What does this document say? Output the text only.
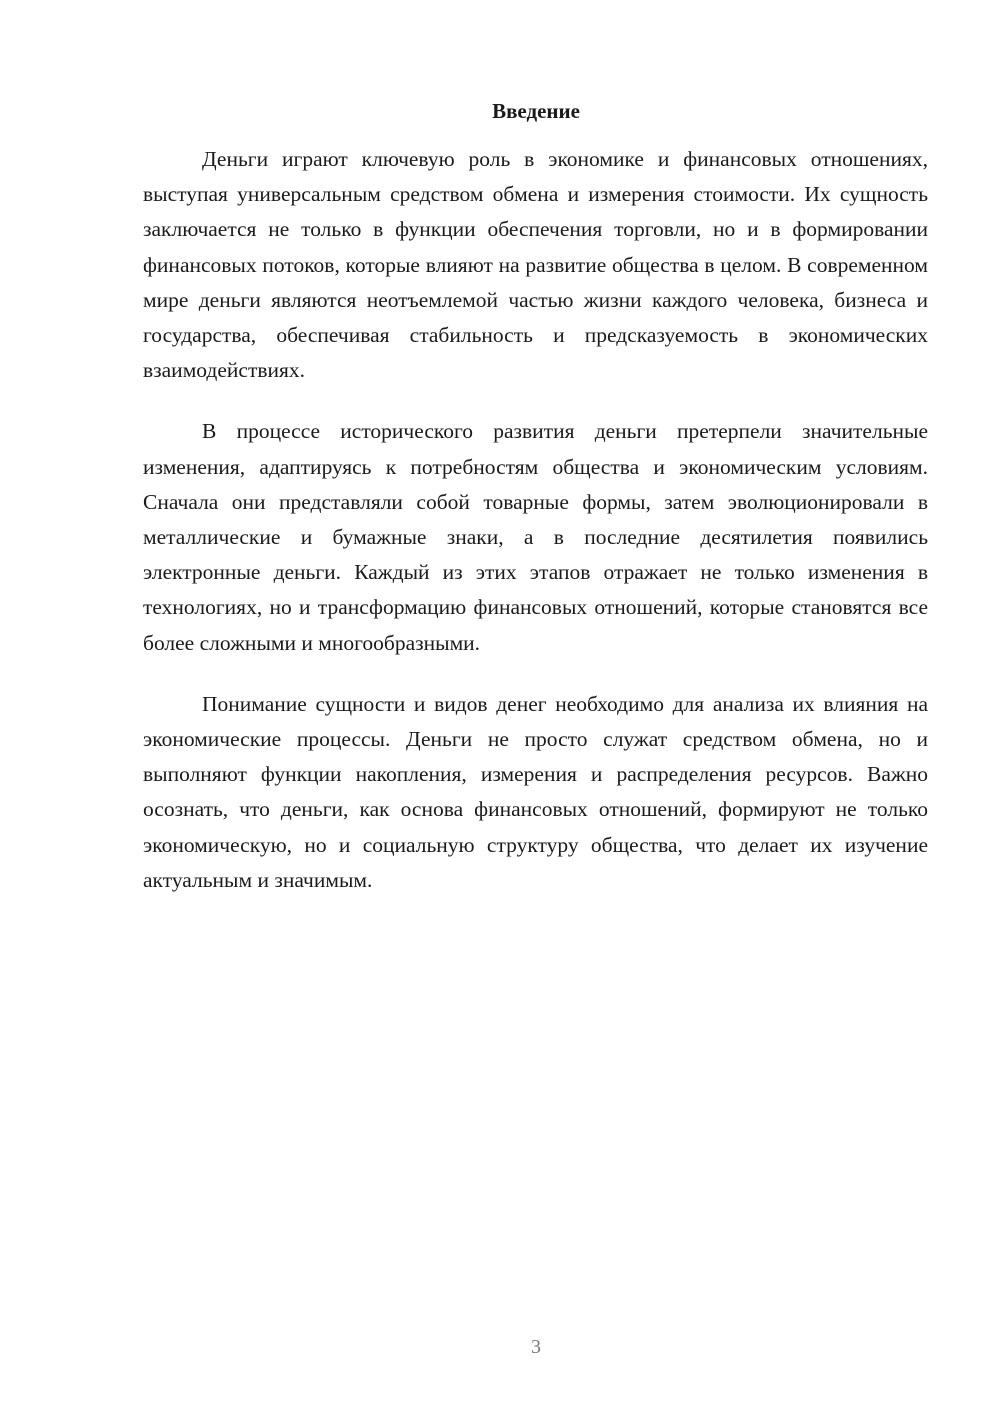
Введение

Деньги играют ключевую роль в экономике и финансовых отношениях, выступая универсальным средством обмена и измерения стоимости. Их сущность заключается не только в функции обеспечения торговли, но и в формировании финансовых потоков, которые влияют на развитие общества в целом. В современном мире деньги являются неотъемлемой частью жизни каждого человека, бизнеса и государства, обеспечивая стабильность и предсказуемость в экономических взаимодействиях.

В процессе исторического развития деньги претерпели значительные изменения, адаптируясь к потребностям общества и экономическим условиям. Сначала они представляли собой товарные формы, затем эволюционировали в металлические и бумажные знаки, а в последние десятилетия появились электронные деньги. Каждый из этих этапов отражает не только изменения в технологиях, но и трансформацию финансовых отношений, которые становятся все более сложными и многообразными.

Понимание сущности и видов денег необходимо для анализа их влияния на экономические процессы. Деньги не просто служат средством обмена, но и выполняют функции накопления, измерения и распределения ресурсов. Важно осознать, что деньги, как основа финансовых отношений, формируют не только экономическую, но и социальную структуру общества, что делает их изучение актуальным и значимым.

3
